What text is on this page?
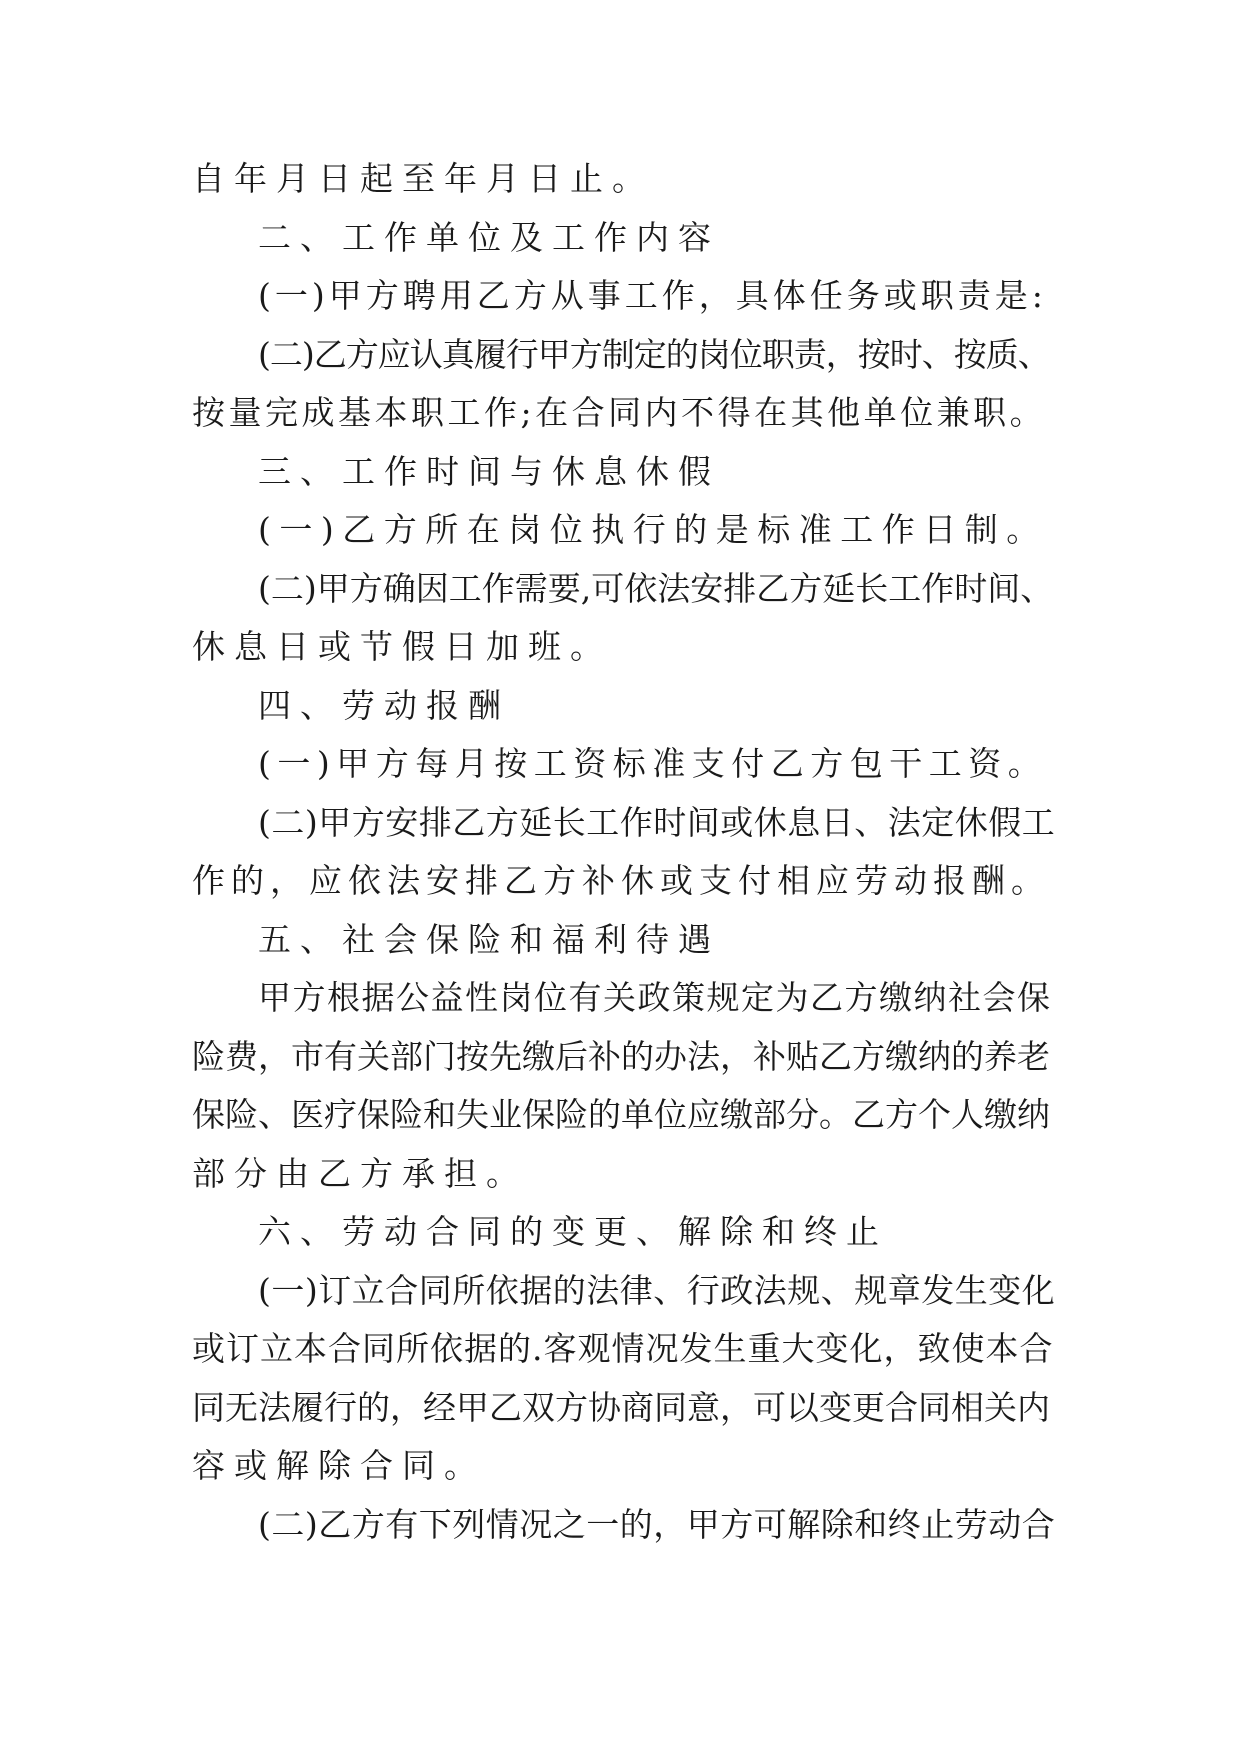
自年月日起至年月日止。
二、工作单位及工作内容
(一)甲方聘用乙方从事工作，具体任务或职责是:
(二)乙方应认真履行甲方制定的岗位职责，按时、按质、
按量完成基本职工作;在合同内不得在其他单位兼职。
三、工作时间与休息休假
(一)乙方所在岗位执行的是标准工作日制。
(二)甲方确因工作需要,可依法安排乙方延长工作时间、
休息日或节假日加班。
四、劳动报酬
(一)甲方每月按工资标准支付乙方包干工资。
(二)甲方安排乙方延长工作时间或休息日、法定休假工
作的，应依法安排乙方补休或支付相应劳动报酬。
五、社会保险和福利待遇
甲方根据公益性岗位有关政策规定为乙方缴纳社会保
险费，市有关部门按先缴后补的办法，补贴乙方缴纳的养老
保险、医疗保险和失业保险的单位应缴部分。乙方个人缴纳
部分由乙方承担。
六、劳动合同的变更、解除和终止
(一)订立合同所依据的法律、行政法规、规章发生变化
或订立本合同所依据的.客观情况发生重大变化，致使本合
同无法履行的，经甲乙双方协商同意，可以变更合同相关内
容或解除合同。
(二)乙方有下列情况之一的，甲方可解除和终止劳动合
